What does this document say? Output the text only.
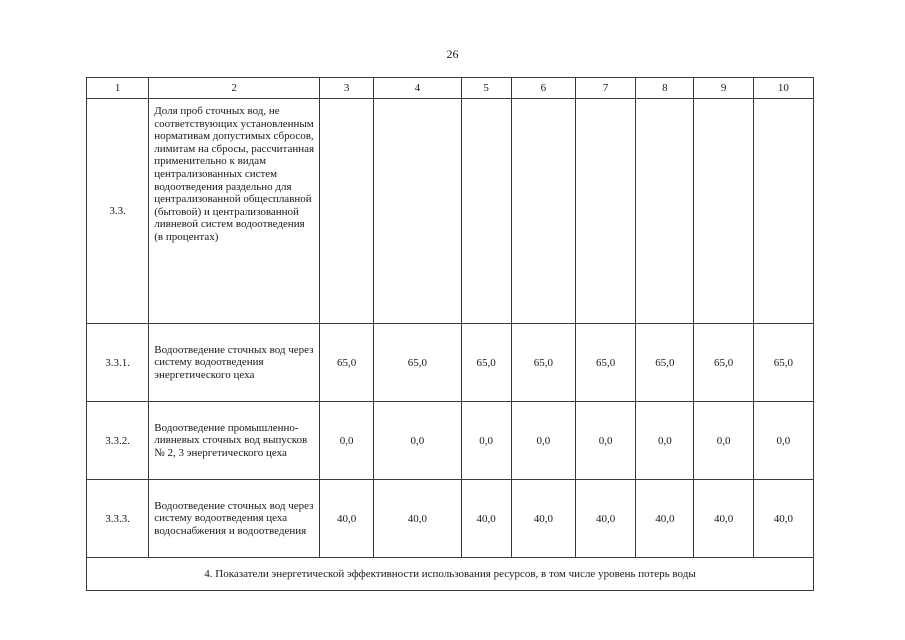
26
1	2	3	4	5	6	7	8	9	10
3.3.	Доля проб сточных вод, не соответствующих установленным нормативам допустимых сбросов, лимитам на сбросы, рассчитанная применительно к видам централизованных систем водоотведения раздельно для централизованной общесплавной (бытовой) и централизованной ливневой систем водоотведения (в процентах)								
3.3.1.	Водоотведение сточных вод через систему водоотведения энергетического цеха	65,0	65,0	65,0	65,0	65,0	65,0	65,0	65,0
3.3.2.	Водоотведение промышленно-ливневых сточных вод выпусков № 2, 3 энергетического цеха	0,0	0,0	0,0	0,0	0,0	0,0	0,0	0,0
3.3.3.	Водоотведение сточных вод через систему водоотведения цеха водоснабжения и водоотведения	40,0	40,0	40,0	40,0	40,0	40,0	40,0	40,0
4. Показатели энергетической эффективности использования ресурсов, в том числе уровень потерь воды									
